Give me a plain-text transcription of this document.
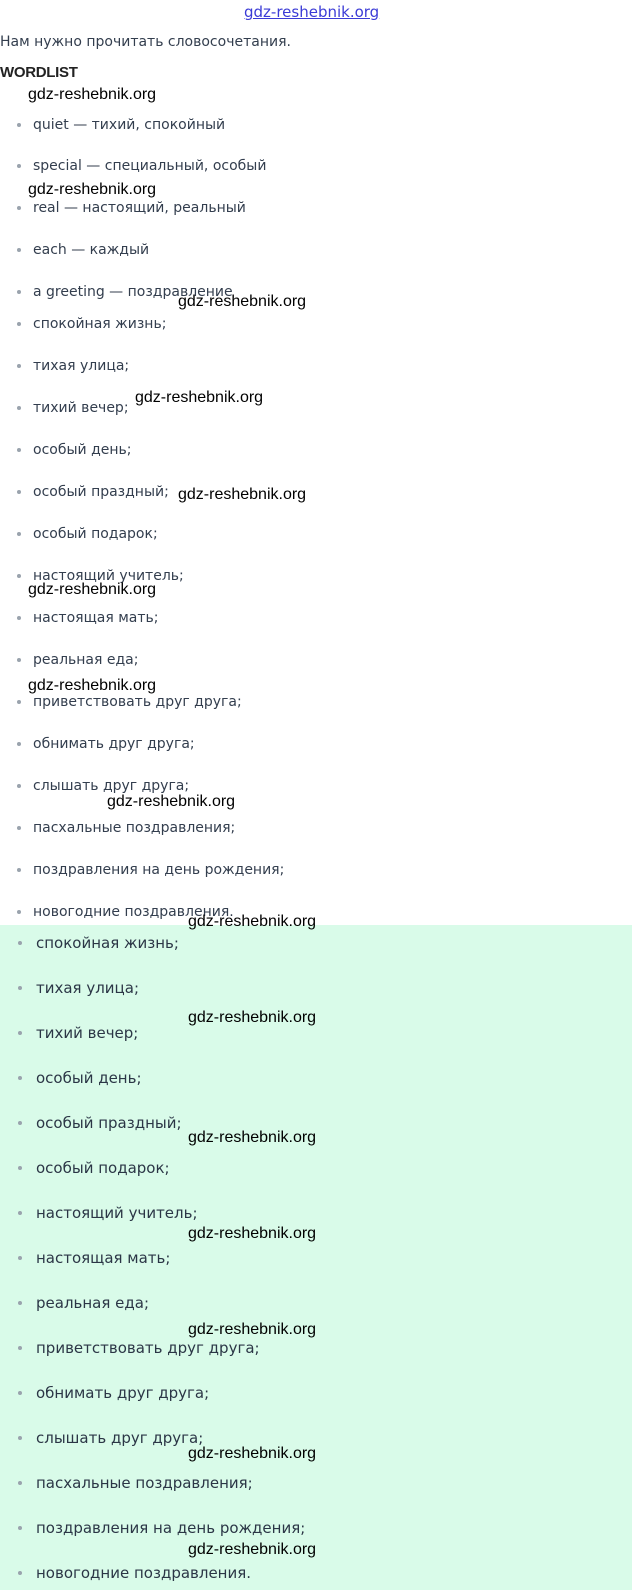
gdz-reshebnik.org

Нам нужно прочитать словосочетания.

WORDLIST
quiet — тихий, спокойный
special — специальный, особый
real — настоящий, реальный
each — каждый
a greeting — поздравление
спокойная жизнь;
тихая улица;
тихий вечер;
особый день;
особый праздный;
особый подарок;
настоящий учитель;
настоящая мать;
реальная еда;
приветствовать друг друга;
обнимать друг друга;
слышать друг друга;
пасхальные поздравления;
поздравления на день рождения;
новогодние поздравления.
спокойная жизнь;
тихая улица;
тихий вечер;
особый день;
особый праздный;
особый подарок;
настоящий учитель;
настоящая мать;
реальная еда;
приветствовать друг друга;
обнимать друг друга;
слышать друг друга;
пасхальные поздравления;
поздравления на день рождения;
новогодние поздравления.
gdz-reshebnik.org
gdz-reshebnik.org
gdz-reshebnik.org
gdz-reshebnik.org
gdz-reshebnik.org
gdz-reshebnik.org
gdz-reshebnik.org
gdz-reshebnik.org
gdz-reshebnik.org
gdz-reshebnik.org
gdz-reshebnik.org
gdz-reshebnik.org
gdz-reshebnik.org
gdz-reshebnik.org
gdz-reshebnik.org
